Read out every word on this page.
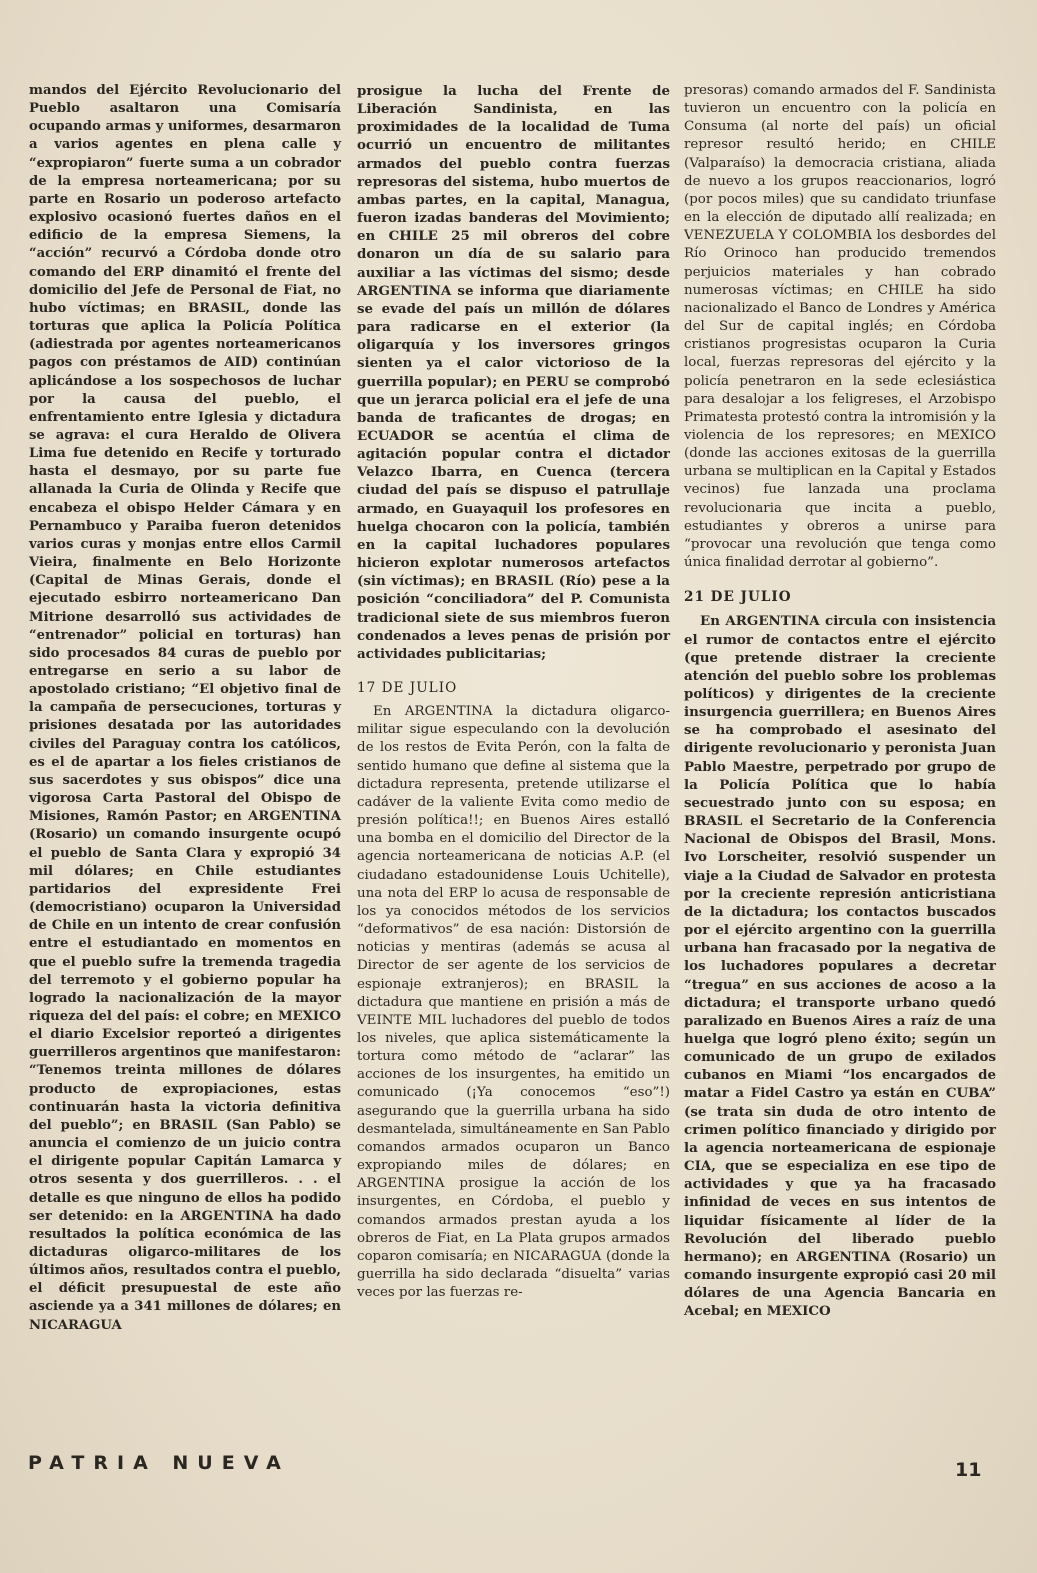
mandos del Ejército Revolucionario del Pueblo asaltaron una Comisaría ocupando armas y uniformes, desarmaron a varios agentes en plena calle y “expropiaron” fuerte suma a un cobrador de la empresa norteamericana; por su parte en Rosario un poderoso artefacto explosivo ocasionó fuertes daños en el edificio de la empresa Siemens, la “acción” recurvó a Córdoba donde otro comando del ERP dinamitó el frente del domicilio del Jefe de Personal de Fiat, no hubo víctimas; en BRASIL, donde las torturas que aplica la Policía Política (adiestrada por agentes norteamericanos pagos con préstamos de AID) continúan aplicándose a los sospechosos de luchar por la causa del pueblo, el enfrentamiento entre Iglesia y dictadura se agrava: el cura Heraldo de Olivera Lima fue detenido en Recife y torturado hasta el desmayo, por su parte fue allanada la Curia de Olinda y Recife que encabeza el obispo Helder Cámara y en Pernambuco y Paraiba fueron detenidos varios curas y monjas entre ellos Carmil Vieira, finalmente en Belo Horizonte (Capital de Minas Gerais, donde el ejecutado esbirro norteamericano Dan Mitrione desarrolló sus actividades de “entrenador” policial en torturas) han sido procesados 84 curas de pueblo por entregarse en serio a su labor de apostolado cristiano; “El objetivo final de la campaña de persecuciones, torturas y prisiones desatada por las autoridades civiles del Paraguay contra los católicos, es el de apartar a los fieles cristianos de sus sacerdotes y sus obispos” dice una vigorosa Carta Pastoral del Obispo de Misiones, Ramón Pastor; en ARGENTINA (Rosario) un comando insurgente ocupó el pueblo de Santa Clara y expropió 34 mil dólares; en Chile estudiantes partidarios del expresidente Frei (democristiano) ocuparon la Universidad de Chile en un intento de crear confusión entre el estudiantado en momentos en que el pueblo sufre la tremenda tragedia del terremoto y el gobierno popular ha logrado la nacionalización de la mayor riqueza del del país: el cobre; en MEXICO el diario Excelsior reporteó a dirigentes guerrilleros argentinos que manifestaron: “Tenemos treinta millones de dólares producto de expropiaciones, estas continuarán hasta la victoria definitiva del pueblo”; en BRASIL (San Pablo) se anuncia el comienzo de un juicio contra el dirigente popular Capitán Lamarca y otros sesenta y dos guerrilleros. . . el detalle es que ninguno de ellos ha podido ser detenido: en la ARGENTINA ha dado resultados la política económica de las dictaduras oligarco-militares de los últimos años, resultados contra el pueblo, el déficit presupuestal de este año asciende ya a 341 millones de dólares; en NICARAGUA

prosigue la lucha del Frente de Liberación Sandinista, en las proximidades de la localidad de Tuma ocurrió un encuentro de militantes armados del pueblo contra fuerzas represoras del sistema, hubo muertos de ambas partes, en la capital, Managua, fueron izadas banderas del Movimiento; en CHILE 25 mil obreros del cobre donaron un día de su salario para auxiliar a las víctimas del sismo; desde ARGENTINA se informa que diariamente se evade del país un millón de dólares para radicarse en el exterior (la oligarquía y los inversores gringos sienten ya el calor victorioso de la guerrilla popular); en PERU se comprobó que un jerarca policial era el jefe de una banda de traficantes de drogas; en ECUADOR se acentúa el clima de agitación popular contra el dictador Velazco Ibarra, en Cuenca (tercera ciudad del país se dispuso el patrullaje armado, en Guayaquil los profesores en huelga chocaron con la policía, también en la capital luchadores populares hicieron explotar numerosos artefactos (sin víctimas); en BRASIL (Río) pese a la posición “conciliadora” del P. Comunista tradicional siete de sus miembros fueron condenados a leves penas de prisión por actividades publicitarias;

17 DE JULIO

En ARGENTINA la dictadura oligarco-militar sigue especulando con la devolución de los restos de Evita Perón, con la falta de sentido humano que define al sistema que la dictadura representa, pretende utilizarse el cadáver de la valiente Evita como medio de presión política!!; en Buenos Aires estalló una bomba en el domicilio del Director de la agencia norteamericana de noticias A.P. (el ciudadano estadounidense Louis Uchitelle), una nota del ERP lo acusa de responsable de los ya conocidos métodos de los servicios “deformativos” de esa nación: Distorsión de noticias y mentiras (además se acusa al Director de ser agente de los servicios de espionaje extranjeros); en BRASIL la dictadura que mantiene en prisión a más de VEINTE MIL luchadores del pueblo de todos los niveles, que aplica sistemáticamente la tortura como método de “aclarar” las acciones de los insurgentes, ha emitido un comunicado (¡Ya conocemos “eso”!) asegurando que la guerrilla urbana ha sido desmantelada, simultáneamente en San Pablo comandos armados ocuparon un Banco expropiando miles de dólares; en ARGENTINA prosigue la acción de los insurgentes, en Córdoba, el pueblo y comandos armados prestan ayuda a los obreros de Fiat, en La Plata grupos armados coparon comisaría; en NICARAGUA (donde la guerrilla ha sido declarada “disuelta” varias veces por las fuerzas re-

presoras) comando armados del F. Sandinista tuvieron un encuentro con la policía en Consuma (al norte del país) un oficial represor resultó herido; en CHILE (Valparaíso) la democracia cristiana, aliada de nuevo a los grupos reaccionarios, logró (por pocos miles) que su candidato triunfase en la elección de diputado allí realizada; en VENEZUELA Y COLOMBIA los desbordes del Río Orinoco han producido tremendos perjuicios materiales y han cobrado numerosas víctimas; en CHILE ha sido nacionalizado el Banco de Londres y América del Sur de capital inglés; en Córdoba cristianos progresistas ocuparon la Curia local, fuerzas represoras del ejército y la policía penetraron en la sede eclesiástica para desalojar a los feligreses, el Arzobispo Primatesta protestó contra la intromisión y la violencia de los represores; en MEXICO (donde las acciones exitosas de la guerrilla urbana se multiplican en la Capital y Estados vecinos) fue lanzada una proclama revolucionaria que incita a pueblo, estudiantes y obreros a unirse para “provocar una revolución que tenga como única finalidad derrotar al gobierno”.

21 DE JULIO

En ARGENTINA circula con insistencia el rumor de contactos entre el ejército (que pretende distraer la creciente atención del pueblo sobre los problemas políticos) y dirigentes de la creciente insurgencia guerrillera; en Buenos Aires se ha comprobado el asesinato del dirigente revolucionario y peronista Juan Pablo Maestre, perpetrado por grupo de la Policía Política que lo había secuestrado junto con su esposa; en BRASIL el Secretario de la Conferencia Nacional de Obispos del Brasil, Mons. Ivo Lorscheiter, resolvió suspender un viaje a la Ciudad de Salvador en protesta por la creciente represión anticristiana de la dictadura; los contactos buscados por el ejército argentino con la guerrilla urbana han fracasado por la negativa de los luchadores populares a decretar “tregua” en sus acciones de acoso a la dictadura; el transporte urbano quedó paralizado en Buenos Aires a raíz de una huelga que logró pleno éxito; según un comunicado de un grupo de exilados cubanos en Miami “los encargados de matar a Fidel Castro ya están en CUBA” (se trata sin duda de otro intento de crimen político financiado y dirigido por la agencia norteamericana de espionaje CIA, que se especializa en ese tipo de actividades y que ya ha fracasado infinidad de veces en sus intentos de liquidar físicamente al líder de la Revolución del liberado pueblo hermano); en ARGENTINA (Rosario) un comando insurgente expropió casi 20 mil dólares de una Agencia Bancaria en Acebal; en MEXICO

PATRIA NUEVA	11
